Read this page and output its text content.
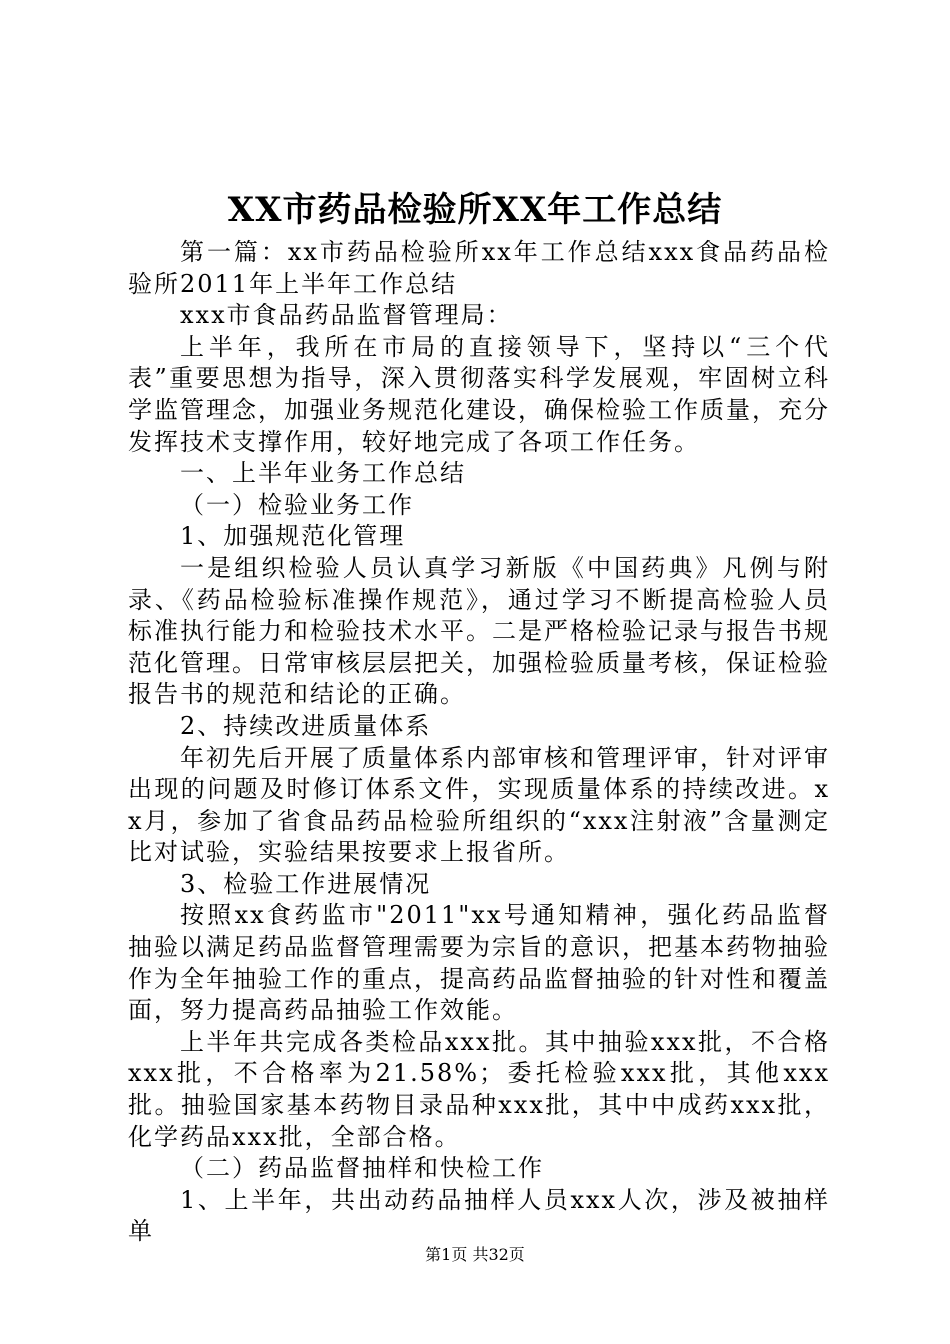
XX市药品检验所XX年工作总结

第一篇：xx市药品检验所xx年工作总结xxx食品药品检验所2011年上半年工作总结

xxx市食品药品监督管理局：

上半年，我所在市局的直接领导下，坚持以“三个代表”重要思想为指导，深入贯彻落实科学发展观，牢固树立科学监管理念，加强业务规范化建设，确保检验工作质量，充分发挥技术支撑作用，较好地完成了各项工作任务。

一、上半年业务工作总结

（一）检验业务工作

1、加强规范化管理

一是组织检验人员认真学习新版《中国药典》凡例与附录、《药品检验标准操作规范》，通过学习不断提高检验人员标准执行能力和检验技术水平。二是严格检验记录与报告书规范化管理。日常审核层层把关，加强检验质量考核，保证检验报告书的规范和结论的正确。

2、持续改进质量体系

年初先后开展了质量体系内部审核和管理评审，针对评审出现的问题及时修订体系文件，实现质量体系的持续改进。xx月，参加了省食品药品检验所组织的“xxx注射液”含量测定比对试验，实验结果按要求上报省所。

3、检验工作进展情况

按照xx食药监市"2011"xx号通知精神，强化药品监督抽验以满足药品监督管理需要为宗旨的意识，把基本药物抽验作为全年抽验工作的重点，提高药品监督抽验的针对性和覆盖面，努力提高药品抽验工作效能。

上半年共完成各类检品xxx批。其中抽验xxx批，不合格xxx批，不合格率为21.58%；委托检验xxx批，其他xxx批。抽验国家基本药物目录品种xxx批，其中中成药xxx批，化学药品xxx批，全部合格。

（二）药品监督抽样和快检工作

1、上半年，共出动药品抽样人员xxx人次，涉及被抽样单

第1页 共32页
